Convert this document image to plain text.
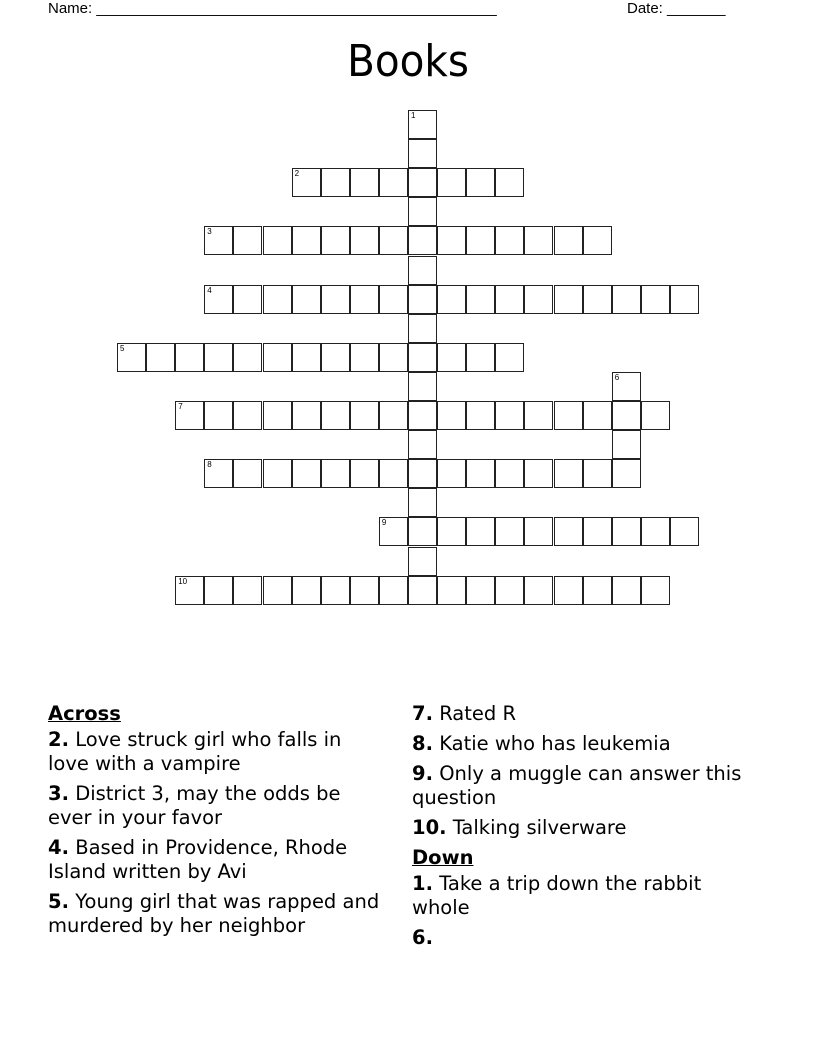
Name: ________________________________________________	Date: _______
Books
1
2
3
4
5
6
7
8
9
10
Across
2. Love struck girl who falls in love with a vampire
3. District 3, may the odds be ever in your favor
4. Based in Providence, Rhode Island written by Avi
5. Young girl that was rapped and murdered by her neighbor
7. Rated R
8. Katie who has leukemia
9. Only a muggle can answer this question
10. Talking silverware
Down
1. Take a trip down the rabbit whole
6.
